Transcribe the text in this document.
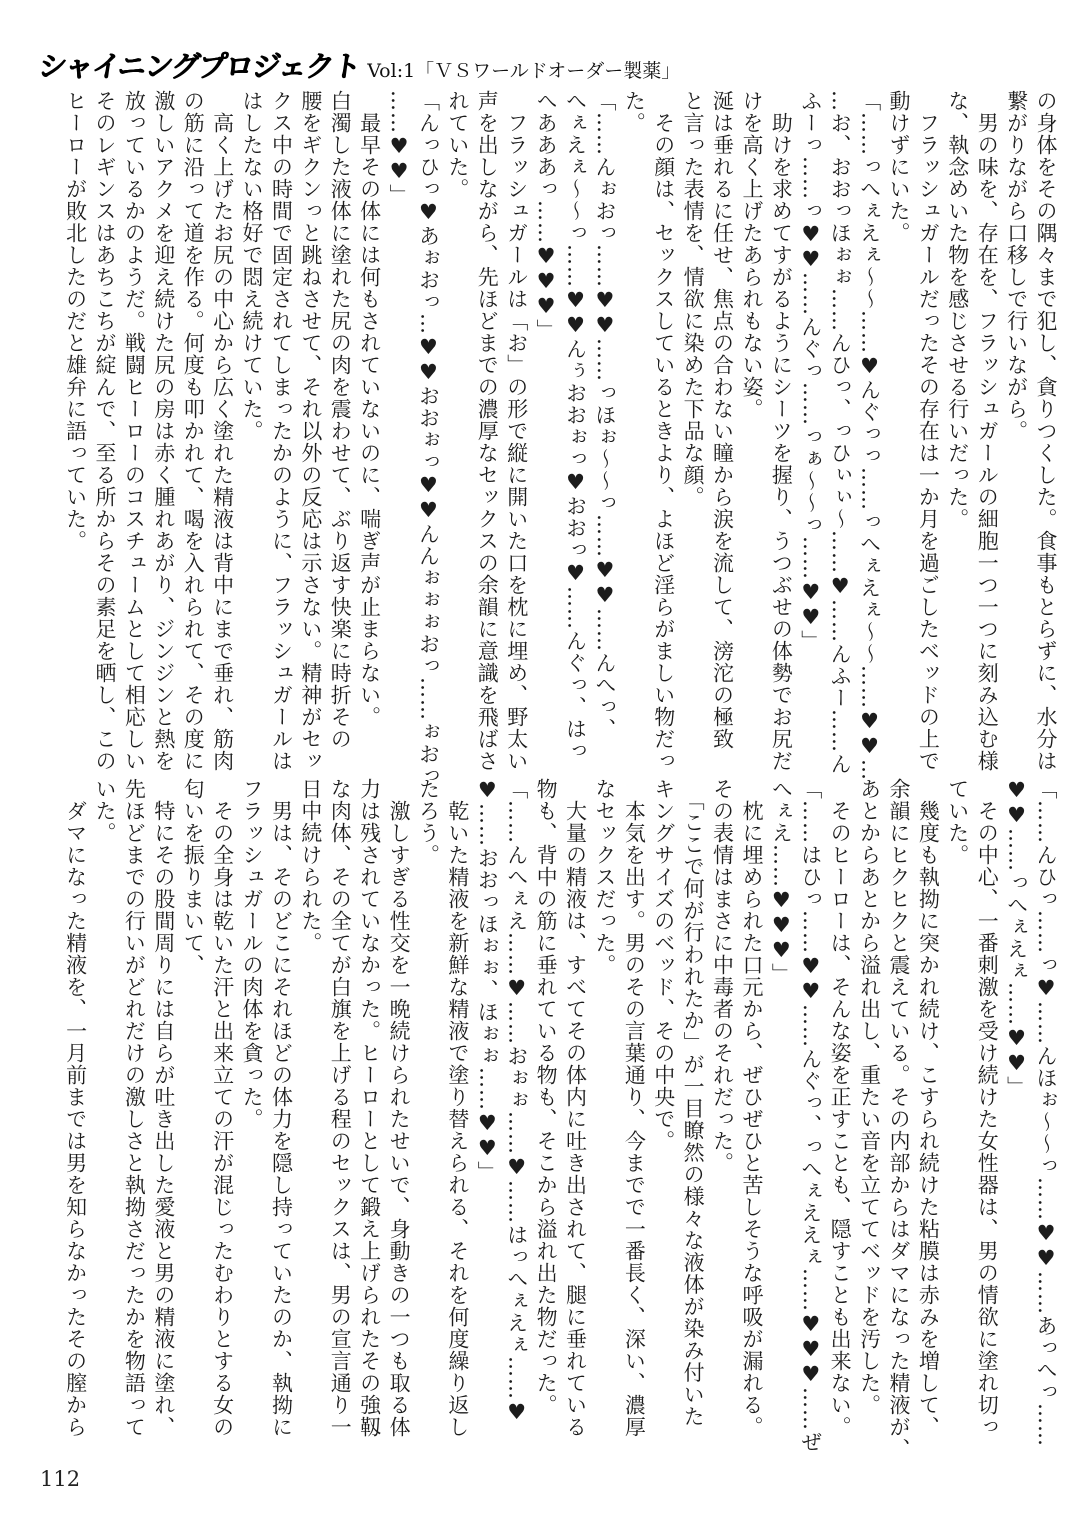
シャイニングプロジェクト Vol:1「ＶＳワールドオーダー製薬」
の身体をその隅々まで犯し、貪りつくした。食事もとらずに、水分は
繋がりながら口移しで行いながら。
　男の味を、存在を、フラッシュガールの細胞一つ一つに刻み込む様
な、執念めいた物を感じさせる行いだった。
　フラッシュガールだったその存在は一か月を過ごしたベッドの上で
動けずにいた。
「……っへぇえぇ～～……♥んぐっっ……っへぇえぇ～～……♥♥…
…お、おおっほぉぉ……んひっ、っひぃぃ～……♥……んふー……ん
ふーっ……っ♥♥……んぐっ……っぁ～～っ……♥♥」
　助けを求めてすがるようにシーツを握り、うつぶせの体勢でお尻だ
けを高く上げたあられもない姿。
涎は垂れるに任せ、焦点の合わない瞳から涙を流して、滂沱の極致
と言った表情を、情欲に染めた下品な顔。
　その顔は、セックスしているときより、よほど淫らがましい物だっ
た。
「……んぉおっ……♥♥……っほぉ～～っ……♥♥……んへっ、
へぇえぇ～～っ……♥♥んぅおおぉっ♥おおっ♥……んぐっ、はっ
へあああっ……♥♥♥」
　フラッシュガールは「お」の形で縦に開いた口を枕に埋め、野太い
声を出しながら、先ほどまでの濃厚なセックスの余韻に意識を飛ばさ
れていた。
「んっひっ♥あぉおっ…♥♥おおぉっ♥♥んんぉぉぉおっ……ぉおっ
……♥♥」
　最早その体には何もされていないのに、喘ぎ声が止まらない。
白濁した液体に塗れた尻の肉を震わせて、ぶり返す快楽に時折その
腰をギクンっと跳ねさせて、それ以外の反応は示さない。精神がセッ
クス中の時間で固定されてしまったかのように、フラッシュガールは
はしたない格好で悶え続けていた。
　高く上げたお尻の中心から広く塗れた精液は背中にまで垂れ、筋肉
の筋に沿って道を作る。何度も叩かれて、喝を入れられて、その度に
激しいアクメを迎え続けた尻の房は赤く腫れあがり、ジンジンと熱を
放っているかのようだ。戦闘ヒーローのコスチュームとして相応しい
そのレギンスはあちこちが綻んで、至る所からその素足を晒し、この
ヒーローが敗北したのだと雄弁に語っていた。
「……んひっ……っ♥……んほぉ～～っ……♥♥……あっへっ……
♥♥……っへぇえぇ……♥♥」
　その中心、一番刺激を受け続けた女性器は、男の情欲に塗れ切っ
ていた。
　幾度も執拗に突かれ続け、こすられ続けた粘膜は赤みを増して、
余韻にヒクヒクと震えている。その内部からはダマになった精液が、
あとからあとから溢れ出し、重たい音を立ててベッドを汚した。
　そのヒーローは、そんな姿を正すことも、隠すことも出来ない。
「……はひっ……♥♥……んぐっ、っへぇええぇ……♥♥♥……ぜ
へぇえ……♥♥♥」
　枕に埋められた口元から、ぜひぜひと苦しそうな呼吸が漏れる。
その表情はまさに中毒者のそれだった。
　「ここで何が行われたか」が一目瞭然の様々な液体が染み付いた
キングサイズのベッド、その中央で。
　本気を出す。男のその言葉通り、今までで一番長く、深い、濃厚
なセックスだった。
　大量の精液は、すべてその体内に吐き出されて、腿に垂れている
物も、背中の筋に垂れている物も、そこから溢れ出た物だった。
「……んへぇえ……♥……おぉぉ……♥……はっへぇえぇ……♥
♥……おおっほぉぉ、ほぉぉ……♥♥」
　乾いた精液を新鮮な精液で塗り替えられる、それを何度繰り返し
たろう。
　激しすぎる性交を一晩続けられたせいで、身動きの一つも取る体
力は残されていなかった。ヒーローとして鍛え上げられたその強靱
な肉体、その全てが白旗を上げる程のセックスは、男の宣言通り一
日中続けられた。
　男は、そのどこにそれほどの体力を隠し持っていたのか、執拗に
フラッシュガールの肉体を貪った。
　その全身は乾いた汗と出来立ての汗が混じったむわりとする女の
匂いを振りまいて、
　特にその股間周りには自らが吐き出した愛液と男の精液に塗れ、
先ほどまでの行いがどれだけの激しさと執拗さだったかを物語って
いた。
　ダマになった精液を、一月前までは男を知らなかったその膣から
112
